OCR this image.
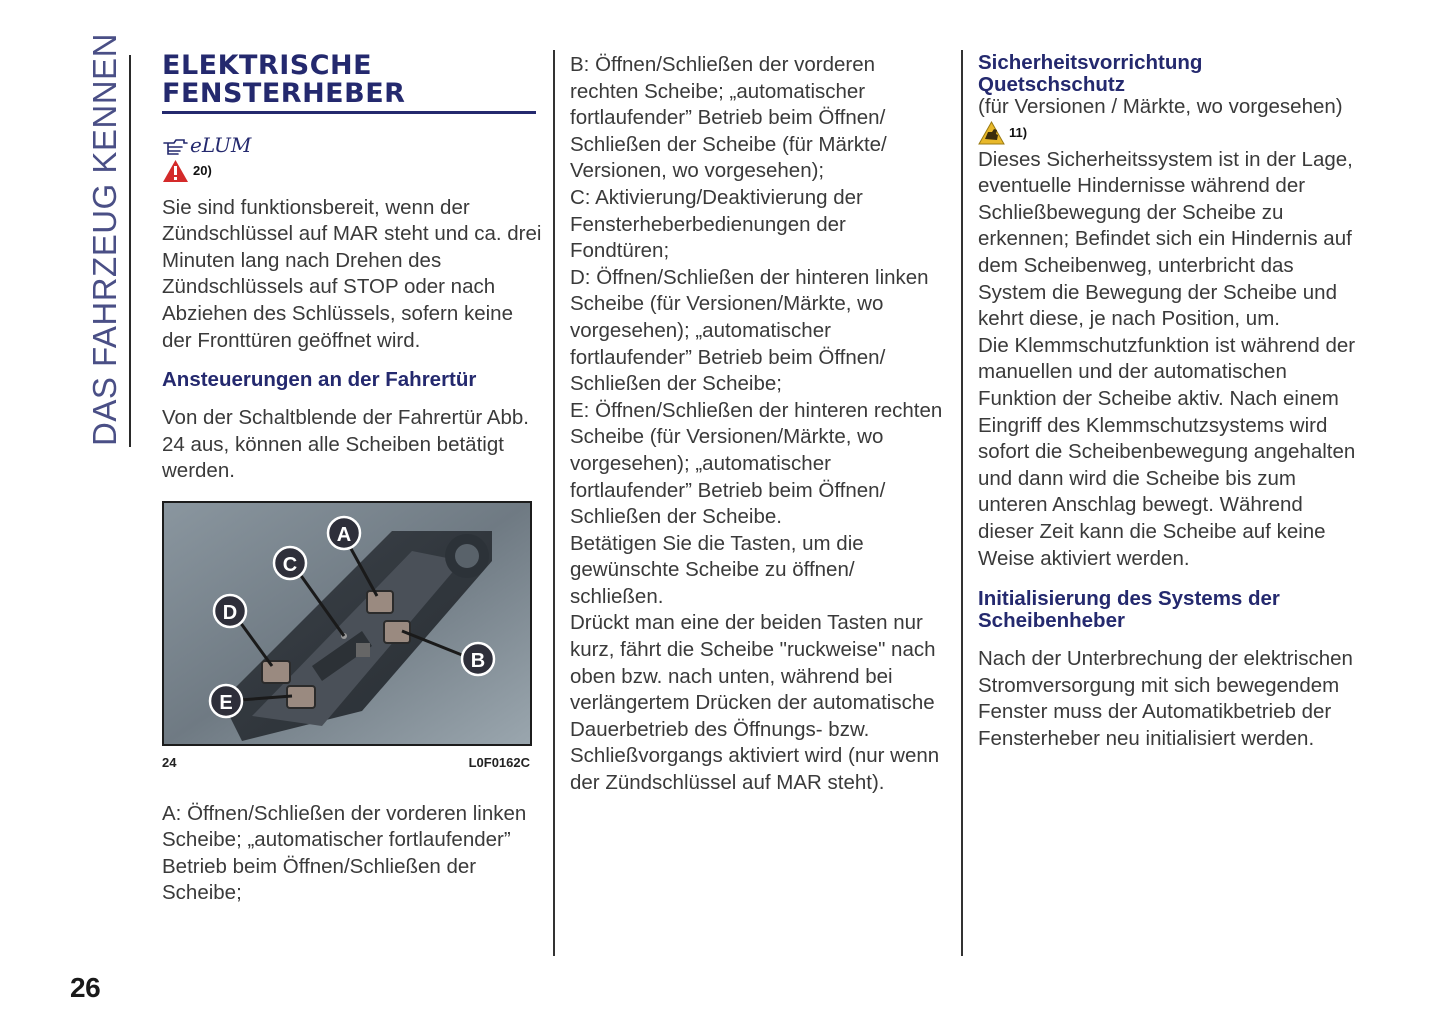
DAS FAHRZEUG KENNEN
26
ELEKTRISCHE
FENSTERHEBER
eLUM
20)

Sie sind funktionsbereit, wenn der Zündschlüssel auf MAR steht und ca. drei Minuten lang nach Drehen des Zündschlüssels auf STOP oder nach Abziehen des Schlüssels, sofern keine der Fronttüren geöffnet wird.

Ansteuerungen an der Fahrertür

Von der Schaltblende der Fahrertür Abb. 24 aus, können alle Scheiben betätigt werden.

A
C
D
B
E
24	L0F0162C

A: Öffnen/Schließen der vorderen linken Scheibe; „automatischer fortlaufender” Betrieb beim Öffnen/Schließen der Scheibe;

B: Öffnen/Schließen der vorderen rechten Scheibe; „automatischer fortlaufender” Betrieb beim Öffnen/ Schließen der Scheibe (für Märkte/ Versionen, wo vorgesehen);

C: Aktivierung/Deaktivierung der Fensterheberbedienungen der Fondtüren;

D: Öffnen/Schließen der hinteren linken Scheibe (für Versionen/Märkte, wo vorgesehen); „automatischer fortlaufender” Betrieb beim Öffnen/ Schließen der Scheibe;

E: Öffnen/Schließen der hinteren rechten Scheibe (für Versionen/Märkte, wo vorgesehen); „automatischer fortlaufender” Betrieb beim Öffnen/ Schließen der Scheibe.

Betätigen Sie die Tasten, um die gewünschte Scheibe zu öffnen/ schließen.

Drückt man eine der beiden Tasten nur kurz, fährt die Scheibe "ruckweise" nach oben bzw. nach unten, während bei verlängertem Drücken der automatische Dauerbetrieb des Öffnungs- bzw. Schließvorgangs aktiviert wird (nur wenn der Zündschlüssel auf MAR steht).

Sicherheitsvorrichtung
Quetschschutz

(für Versionen / Märkte, wo vorgesehen)

11)

Dieses Sicherheitssystem ist in der Lage, eventuelle Hindernisse während der Schließbewegung der Scheibe zu erkennen; Befindet sich ein Hindernis auf dem Scheibenweg, unterbricht das System die Bewegung der Scheibe und kehrt diese, je nach Position, um.

Die Klemmschutzfunktion ist während der manuellen und der automatischen Funktion der Scheibe aktiv. Nach einem Eingriff des Klemmschutzsystems wird sofort die Scheibenbewegung angehalten und dann wird die Scheibe bis zum unteren Anschlag bewegt. Während dieser Zeit kann die Scheibe auf keine Weise aktiviert werden.

Initialisierung des Systems der Scheibenheber

Nach der Unterbrechung der elektrischen Stromversorgung mit sich bewegendem Fenster muss der Automatikbetrieb der Fensterheber neu initialisiert werden.
